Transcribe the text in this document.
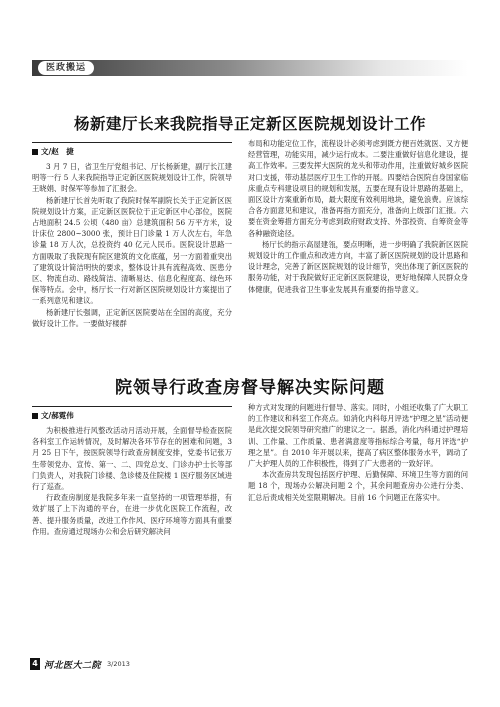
医政搬运
杨新建厅长来我院指导正定新区医院规划设计工作
文/赵　捷

3 月 7 日，省卫生厅党组书记、厅长杨新建，副厅长江建明等一行 5 人来我院指导正定新区医院规划设计工作，院领导王晓娟、时保军等参加了汇报会。

杨新建厅长首先听取了我院时保军副院长关于正定新区医院规划设计方案，正定新区医院位于正定新区中心部位，医院占地面积 24.5 公顷（480 亩）总建筑面积 56 万平方米，设计床位 2800~3000 张，预计日门诊量 1 万人次左右，年急诊量 18 万人次，总投资约 40 亿元人民币。医院设计思路一方面吸取了我院现有院区建筑的文化底蕴，另一方面着重突出了建筑设计简洁明快的要求，整体设计具有流程高效、医患分区、物流自动、路线简洁、清晰易达、信息化程度高、绿色环保等特点。会中，杨厅长一行对新区医院规划设计方案提出了一系列意见和建议。

杨新建厅长强调，正定新区医院要站在全国的高度，充分做好设计工作。一要做好楼群

布局和功能定位工作，流程设计必须考虑到既方便百姓就医、又方便经营管理，功能实用，减少运行成本。二要注重做好信息化建设，提高工作效率。三要发挥大医院的龙头和带动作用，注重做好城乡医院对口支援，带动基层医疗卫生工作的开展。四要结合医院自身国家临床重点专科建设项目的规划和发展，五要在现有设计思路的基础上，面区设计方案重新布局，最大限度有效利用地块，避免浪费。应该综合各方面意见和建议，准备再指方面充分，准备向上级部门汇报。六要在资金筹措方面充分考虑到政府财政支持、外部投资、自筹资金等各种融资途径。

杨厅长的指示高屋建瓴，要点明晰，进一步明确了我院新区医院规划设计的工作重点和改进方向，丰富了新区医院规划的设计思路和设计理念，完善了新区医院规划的设计细节，突出体现了新区医院的服务功能，对于我院做好正定新区医院建设，更好地保障人民群众身体健康，促进我省卫生事业发展具有重要的指导意义。

院领导行政查房督导解决实际问题
文/郝霓伟

为积极推进行风整改活动月活动开展，全面督导检查医院各科室工作运转情况，及时解决各环节存在的困难和问题，3 月 25 日下午，按医院领导行政查房制度安排，党委书记张万生带领党办、宣传、第一、二、四党总支、门诊办护士长等部门负责人，对我院门诊楼、急诊楼及住院楼 1 医疗服务区域进行了巡查。

行政查房制度是我院多年来一直坚持的一项管理举措，有效扩展了上下沟通的平台，在进一步优化医院工作流程，改善、提升服务质量，改进工作作风、医疗环境等方面具有重要作用。查房通过现场办公和会后研究解决问

种方式对发现的问题进行督导、落实。同时，小组还收集了广大职工的工作建议和科室工作亮点。如消化内科每月评选“护理之星”活动便是此次提交院领导研究推广的建议之一。据悉，消化内科通过护理培训、工作量、工作质量、患者满意度等指标综合考量，每月评选“护理之星”。自 2010 年开展以来，提高了病区整体服务水平，调动了广大护理人员的工作积极性，得到了广大患者的一致好评。

本次查房共发现包括医疗护理、后勤保障、环境卫生等方面的问题 18 个，现场办公解决问题 2 个，其余问题查房办公进行分类、汇总后责成相关处室限期解决。目前 16 个问题正在落实中。

4 河北医大二院 3/2013
